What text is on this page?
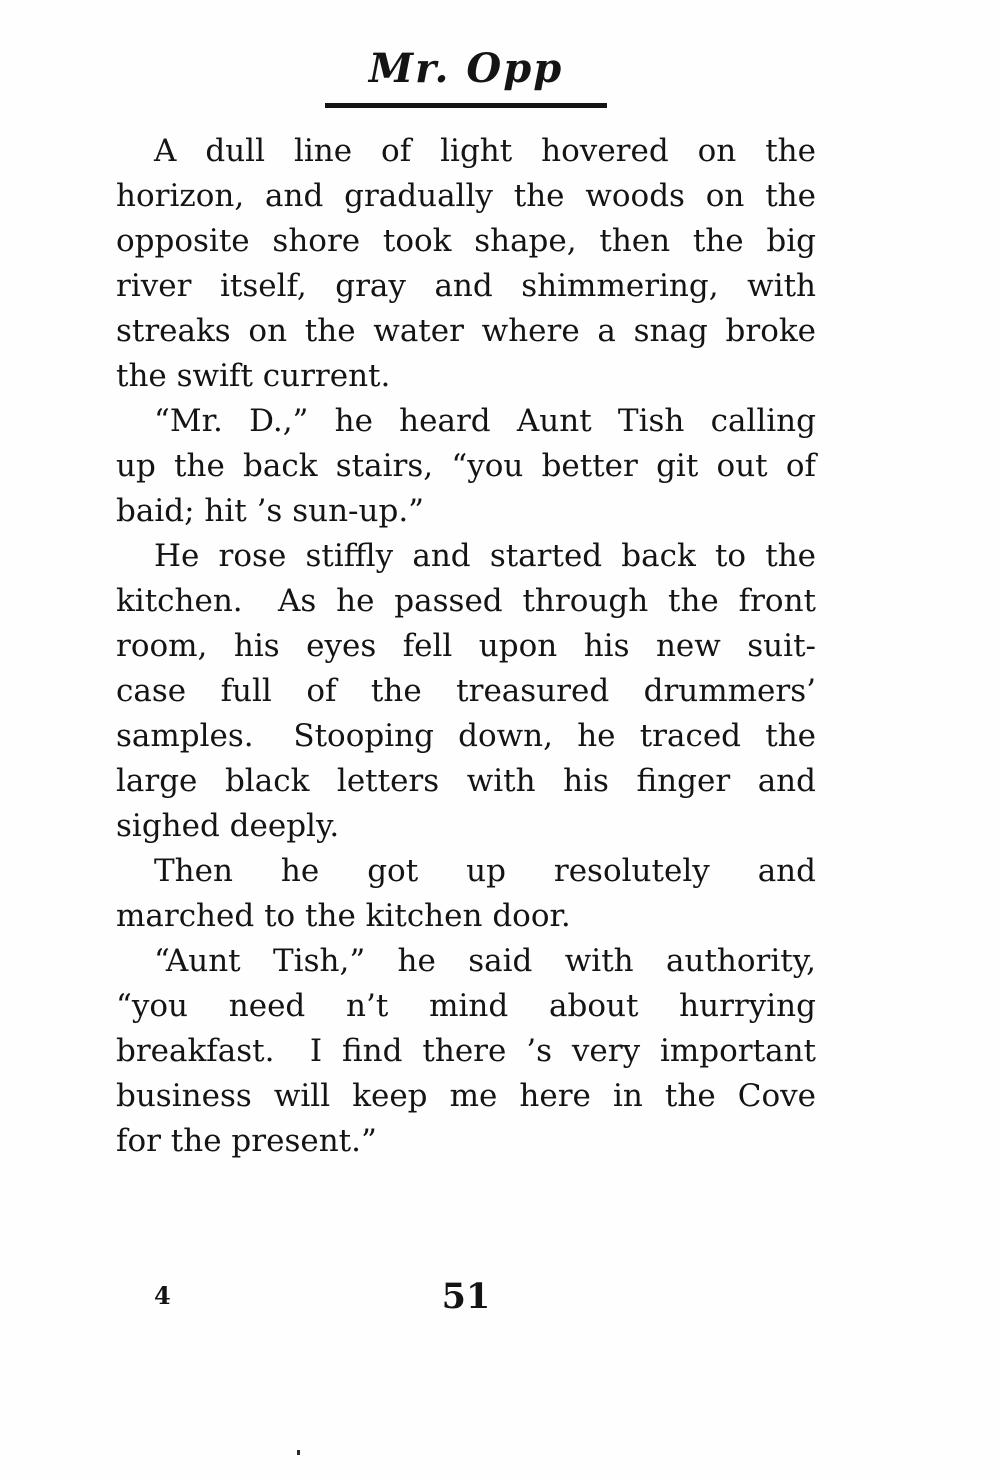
Mr. Opp
A dull line of light hovered on the
horizon, and gradually the woods on the
opposite shore took shape, then the big
river itself, gray and shimmering, with
streaks on the water where a snag broke
the swift current.
“Mr. D.,” he heard Aunt Tish calling
up the back stairs, “you better git out of
baid; hit ’s sun-up.”
He rose stiffly and started back to the
kitchen.  As he passed through the front
room, his eyes fell upon his new suit-
case full of the treasured drummers’
samples.  Stooping down, he traced the
large black letters with his finger and
sighed deeply.
Then he got up resolutely and
marched to the kitchen door.
“Aunt Tish,” he said with authority,
“you need n’t mind about hurrying
breakfast.  I find there ’s very important
business will keep me here in the Cove
for the present.”
4	51
